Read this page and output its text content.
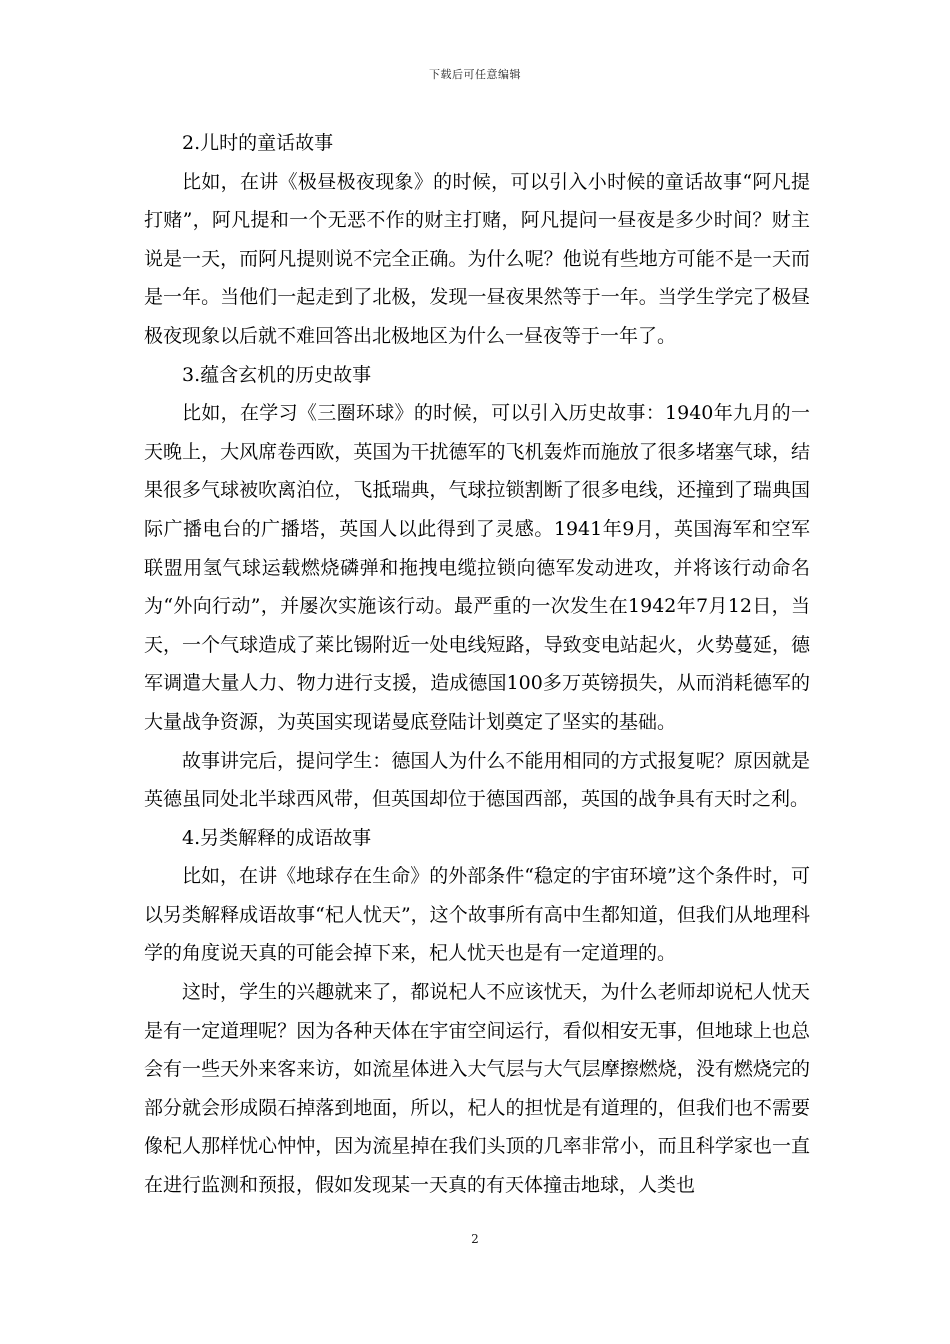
下载后可任意编辑

2.儿时的童话故事

比如，在讲《极昼极夜现象》的时候，可以引入小时候的童话故事“阿凡提打赌”，阿凡提和一个无恶不作的财主打赌，阿凡提问一昼夜是多少时间？财主说是一天，而阿凡提则说不完全正确。为什么呢？他说有些地方可能不是一天而是一年。当他们一起走到了北极，发现一昼夜果然等于一年。当学生学完了极昼极夜现象以后就不难回答出北极地区为什么一昼夜等于一年了。

3.蕴含玄机的历史故事

比如，在学习《三圈环球》的时候，可以引入历史故事：1940年九月的一天晚上，大风席卷西欧，英国为干扰德军的飞机轰炸而施放了很多堵塞气球，结果很多气球被吹离泊位，飞抵瑞典，气球拉锁割断了很多电线，还撞到了瑞典国际广播电台的广播塔，英国人以此得到了灵感。1941年9月，英国海军和空军联盟用氢气球运载燃烧磷弹和拖拽电缆拉锁向德军发动进攻，并将该行动命名为“外向行动”，并屡次实施该行动。最严重的一次发生在1942年7月12日，当天，一个气球造成了莱比锡附近一处电线短路，导致变电站起火，火势蔓延，德军调遣大量人力、物力进行支援，造成德国100多万英镑损失，从而消耗德军的大量战争资源，为英国实现诺曼底登陆计划奠定了坚实的基础。

故事讲完后，提问学生：德国人为什么不能用相同的方式报复呢？原因就是英德虽同处北半球西风带，但英国却位于德国西部，英国的战争具有天时之利。

4.另类解释的成语故事

比如，在讲《地球存在生命》的外部条件“稳定的宇宙环境”这个条件时，可以另类解释成语故事“杞人忧天”，这个故事所有高中生都知道，但我们从地理科学的角度说天真的可能会掉下来，杞人忧天也是有一定道理的。

这时，学生的兴趣就来了，都说杞人不应该忧天，为什么老师却说杞人忧天是有一定道理呢？因为各种天体在宇宙空间运行，看似相安无事，但地球上也总会有一些天外来客来访，如流星体进入大气层与大气层摩擦燃烧，没有燃烧完的部分就会形成陨石掉落到地面，所以，杞人的担忧是有道理的，但我们也不需要像杞人那样忧心忡忡，因为流星掉在我们头顶的几率非常小，而且科学家也一直在进行监测和预报，假如发现某一天真的有天体撞击地球，人类也

2
